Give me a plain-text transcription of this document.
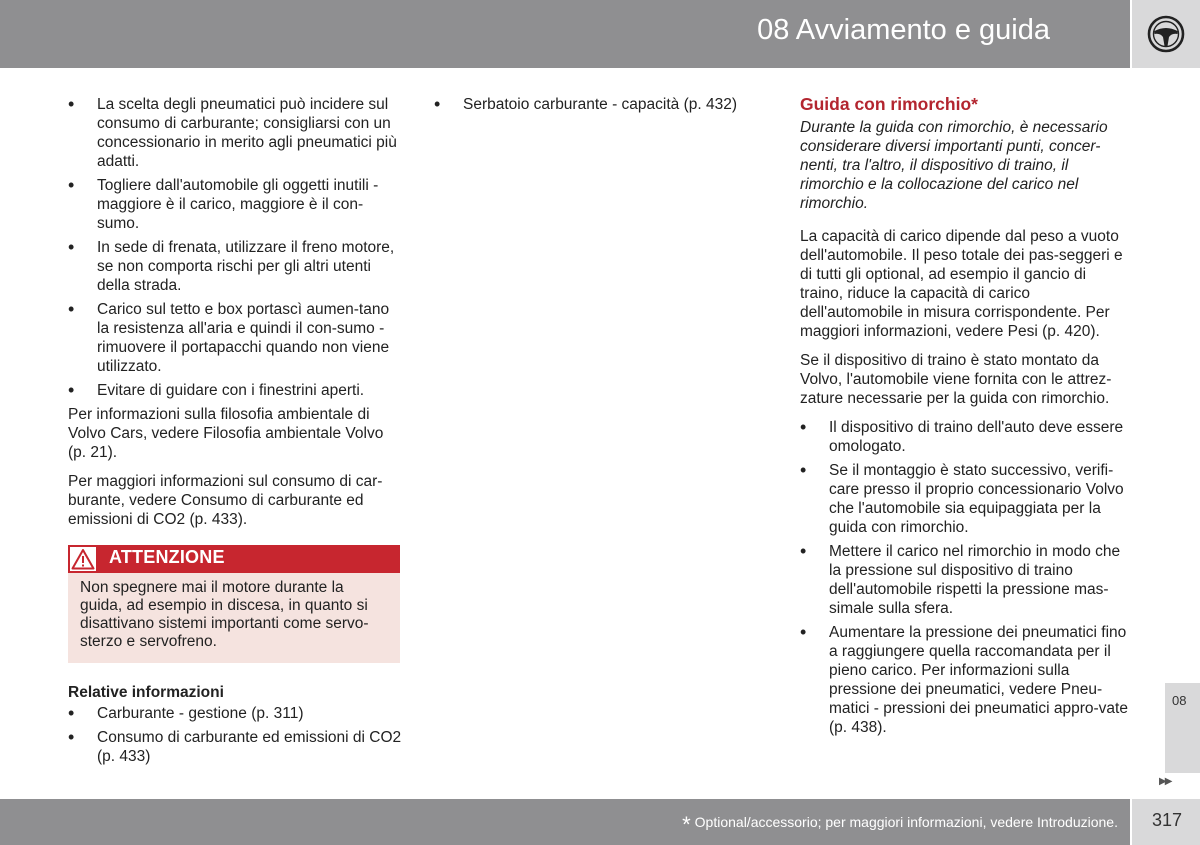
08 Avviamento e guida
• La scelta degli pneumatici può incidere sul consumo di carburante; consigliarsi con un concessionario in merito agli pneumatici più adatti.
• Togliere dall'automobile gli oggetti inutili - maggiore è il carico, maggiore è il con-sumo.
• In sede di frenata, utilizzare il freno motore, se non comporta rischi per gli altri utenti della strada.
• Carico sul tetto e box portascì aumen-tano la resistenza all'aria e quindi il con-sumo - rimuovere il portapacchi quando non viene utilizzato.
• Evitare di guidare con i finestrini aperti.

Per informazioni sulla filosofia ambientale di Volvo Cars, vedere Filosofia ambientale Volvo (p. 21).

Per maggiori informazioni sul consumo di car-burante, vedere Consumo di carburante ed emissioni di CO2 (p. 433).

ATTENZIONE
Non spegnere mai il motore durante la guida, ad esempio in discesa, in quanto si disattivano sistemi importanti come servo-sterzo e servofreno.
Relative informazioni
• Carburante - gestione (p. 311)
• Consumo di carburante ed emissioni di CO2 (p. 433)
• Serbatoio carburante - capacità (p. 432)	Guida con rimorchio*

Durante la guida con rimorchio, è necessario considerare diversi importanti punti, concer-nenti, tra l'altro, il dispositivo di traino, il rimorchio e la collocazione del carico nel rimorchio.

La capacità di carico dipende dal peso a vuoto dell'automobile. Il peso totale dei pas-seggeri e di tutti gli optional, ad esempio il gancio di traino, riduce la capacità di carico dell'automobile in misura corrispondente. Per maggiori informazioni, vedere Pesi (p. 420).

Se il dispositivo di traino è stato montato da Volvo, l'automobile viene fornita con le attrez-zature necessarie per la guida con rimorchio.

• Il dispositivo di traino dell'auto deve essere omologato.
• Se il montaggio è stato successivo, verifi-care presso il proprio concessionario Volvo che l'automobile sia equipaggiata per la guida con rimorchio.
• Mettere il carico nel rimorchio in modo che la pressione sul dispositivo di traino dell'automobile rispetti la pressione mas-simale sulla sfera.
• Aumentare la pressione dei pneumatici fino a raggiungere quella raccomandata per il pieno carico. Per informazioni sulla pressione dei pneumatici, vedere Pneu-matici - pressioni dei pneumatici appro-vate (p. 438).
08
▶▶
* Optional/accessorio; per maggiori informazioni, vedere Introduzione. 317
